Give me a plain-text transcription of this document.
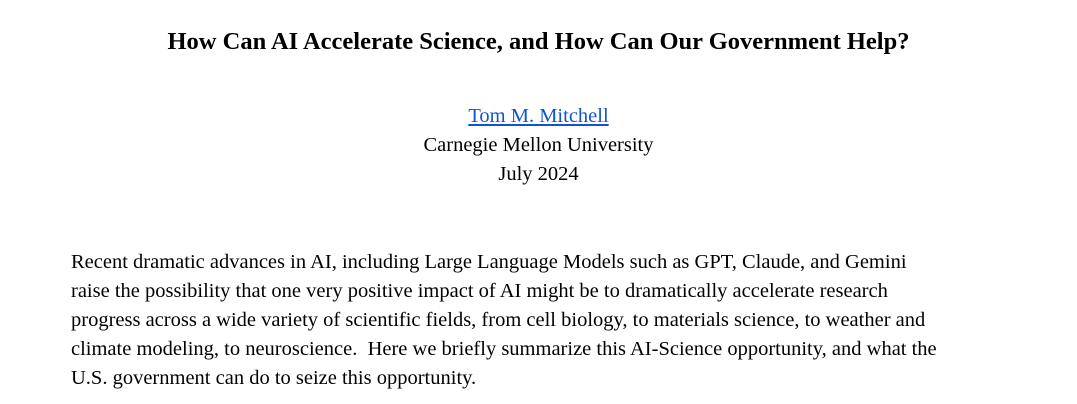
How Can AI Accelerate Science, and How Can Our Government Help?
Tom M. Mitchell
Carnegie Mellon University
July 2024

Recent dramatic advances in AI, including Large Language Models such as GPT, Claude, and Gemini
raise the possibility that one very positive impact of AI might be to dramatically accelerate research
progress across a wide variety of scientific fields, from cell biology, to materials science, to weather and
climate modeling, to neuroscience.  Here we briefly summarize this AI-Science opportunity, and what the
U.S. government can do to seize this opportunity.
